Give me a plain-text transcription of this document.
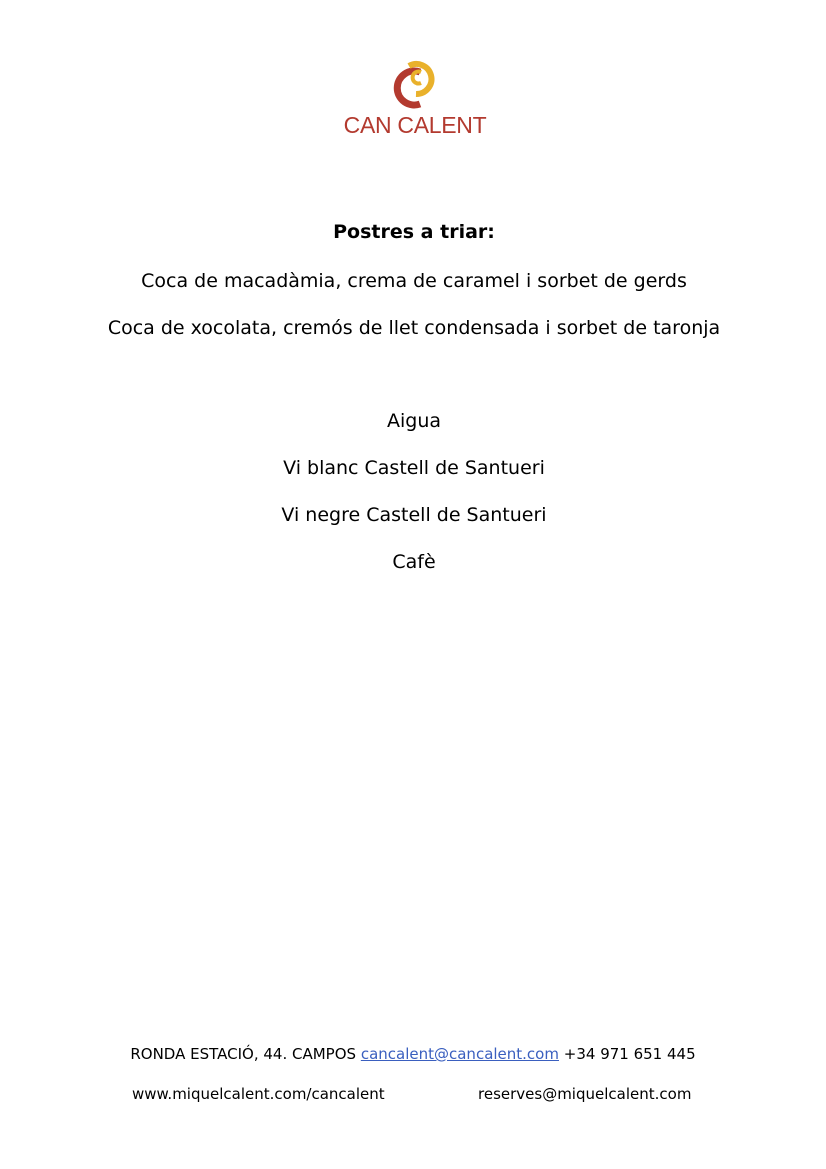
CAN CALENT
Postres a triar:
Coca de macadàmia, crema de caramel i sorbet de gerds
Coca de xocolata, cremós de llet condensada i sorbet de taronja
Aigua
Vi blanc Castell de Santueri
Vi negre Castell de Santueri
Cafè
RONDA ESTACIÓ, 44. CAMPOS cancalent@cancalent.com +34 971 651 445
www.miquelcalent.com/cancalent	reserves@miquelcalent.com
